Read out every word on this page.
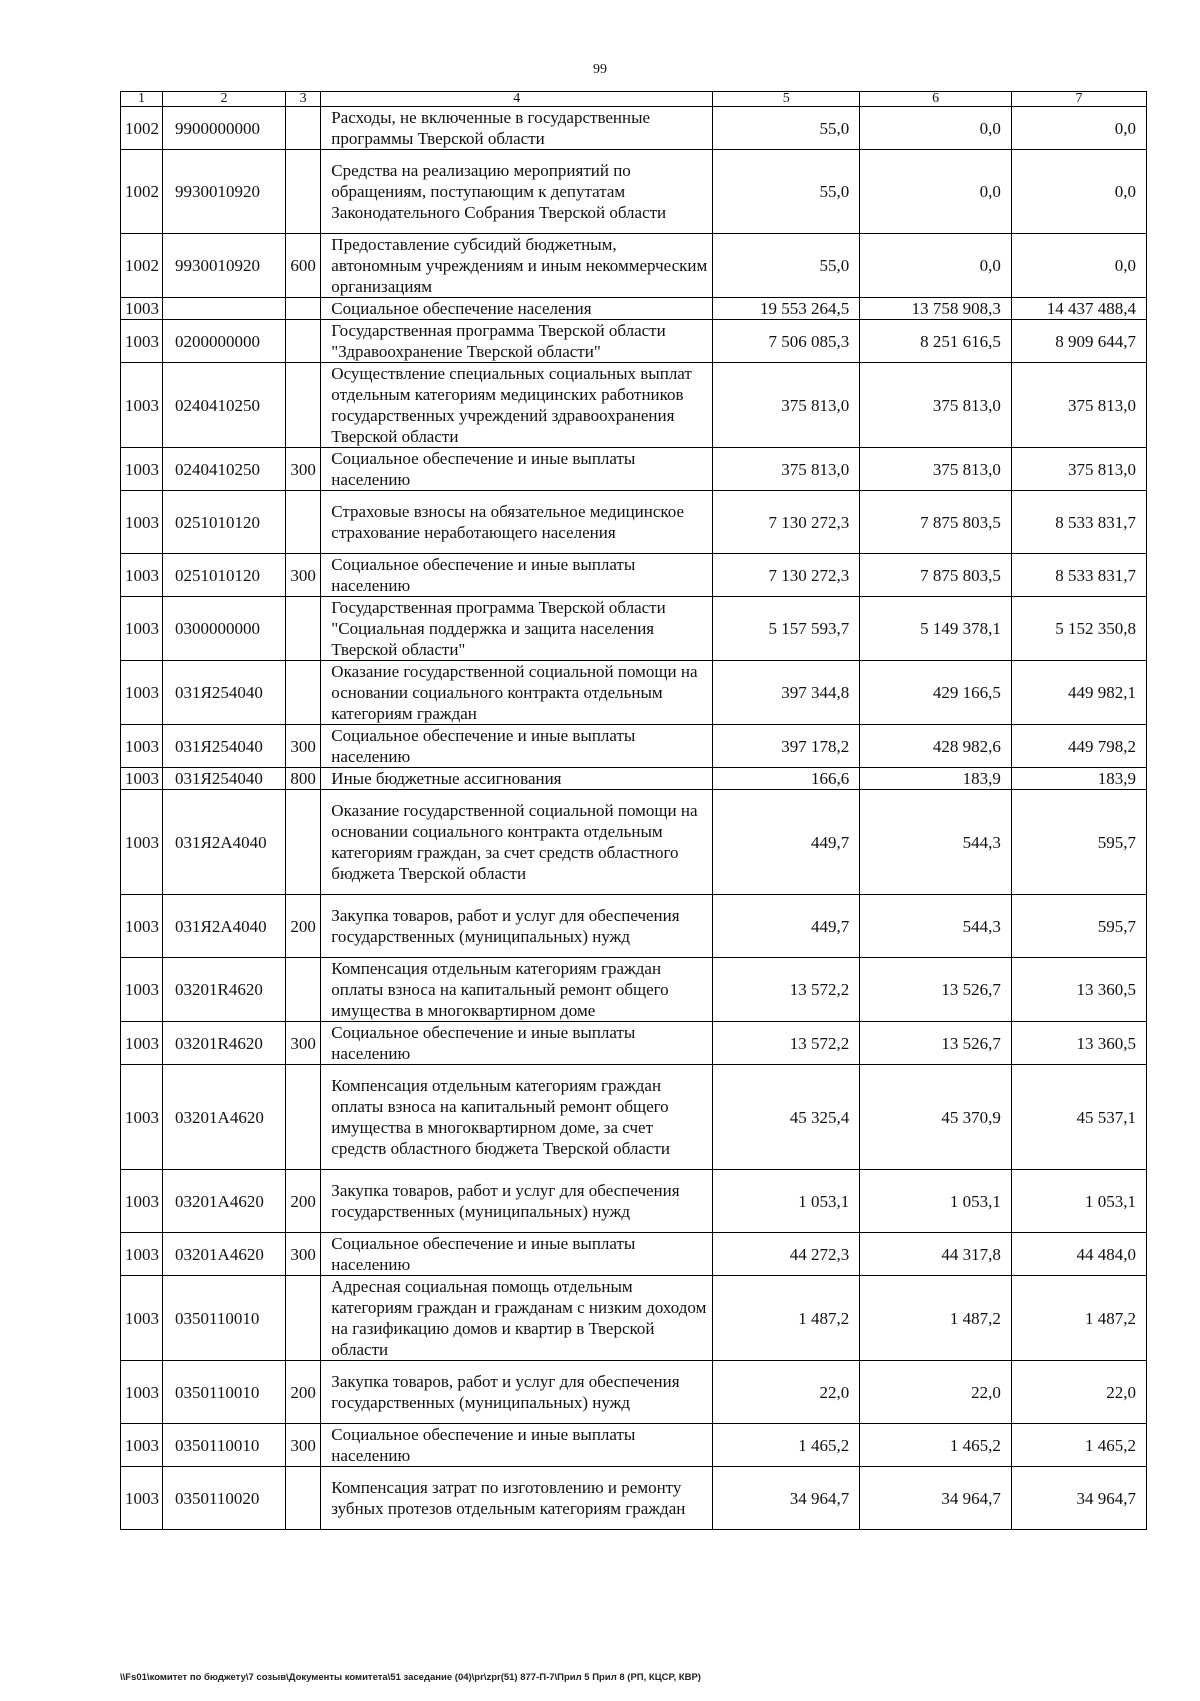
99
1	2	3	4	5	6	7
1002	9900000000		Расходы, не включенные в государственные программы Тверской области	55,0	0,0	0,0
1002	9930010920		Средства на реализацию мероприятий по обращениям, поступающим к депутатам Законодательного Собрания Тверской области	55,0	0,0	0,0
1002	9930010920	600	Предоставление субсидий бюджетным, автономным учреждениям и иным некоммерческим организациям	55,0	0,0	0,0
1003			Социальное обеспечение населения	19 553 264,5	13 758 908,3	14 437 488,4
1003	0200000000		Государственная программа Тверской области "Здравоохранение Тверской области"	7 506 085,3	8 251 616,5	8 909 644,7
1003	0240410250		Осуществление специальных социальных выплат отдельным категориям медицинских работников государственных учреждений здравоохранения Тверской области	375 813,0	375 813,0	375 813,0
1003	0240410250	300	Социальное обеспечение и иные выплаты населению	375 813,0	375 813,0	375 813,0
1003	0251010120		Страховые взносы на обязательное медицинское страхование неработающего населения	7 130 272,3	7 875 803,5	8 533 831,7
1003	0251010120	300	Социальное обеспечение и иные выплаты населению	7 130 272,3	7 875 803,5	8 533 831,7
1003	0300000000		Государственная программа Тверской области "Социальная поддержка и защита населения Тверской области"	5 157 593,7	5 149 378,1	5 152 350,8
1003	031Я254040		Оказание государственной социальной помощи на основании социального контракта отдельным категориям граждан	397 344,8	429 166,5	449 982,1
1003	031Я254040	300	Социальное обеспечение и иные выплаты населению	397 178,2	428 982,6	449 798,2
1003	031Я254040	800	Иные бюджетные ассигнования	166,6	183,9	183,9
1003	031Я2А4040		Оказание государственной социальной помощи на основании социального контракта отдельным категориям граждан, за счет средств областного бюджета Тверской области	449,7	544,3	595,7
1003	031Я2А4040	200	Закупка товаров, работ и услуг для обеспечения государственных (муниципальных) нужд	449,7	544,3	595,7
1003	03201R4620		Компенсация отдельным категориям граждан оплаты взноса на капитальный ремонт общего имущества в многоквартирном доме	13 572,2	13 526,7	13 360,5
1003	03201R4620	300	Социальное обеспечение и иные выплаты населению	13 572,2	13 526,7	13 360,5
1003	03201А4620		Компенсация отдельным категориям граждан оплаты взноса на капитальный ремонт общего имущества в многоквартирном доме, за счет средств областного бюджета Тверской области	45 325,4	45 370,9	45 537,1
1003	03201А4620	200	Закупка товаров, работ и услуг для обеспечения государственных (муниципальных) нужд	1 053,1	1 053,1	1 053,1
1003	03201А4620	300	Социальное обеспечение и иные выплаты населению	44 272,3	44 317,8	44 484,0
1003	0350110010		Адресная социальная помощь отдельным категориям граждан и гражданам с низким доходом на газификацию домов и квартир в Тверской области	1 487,2	1 487,2	1 487,2
1003	0350110010	200	Закупка товаров, работ и услуг для обеспечения государственных (муниципальных) нужд	22,0	22,0	22,0
1003	0350110010	300	Социальное обеспечение и иные выплаты населению	1 465,2	1 465,2	1 465,2
1003	0350110020		Компенсация затрат по изготовлению и ремонту зубных протезов отдельным категориям граждан	34 964,7	34 964,7	34 964,7
\\Fs01\комитет по бюджету\7 созыв\Документы комитета\51 заседание (04)\pr\zpr(51) 877-П-7\Прил 5 Прил 8 (РП, КЦСР, КВР)
